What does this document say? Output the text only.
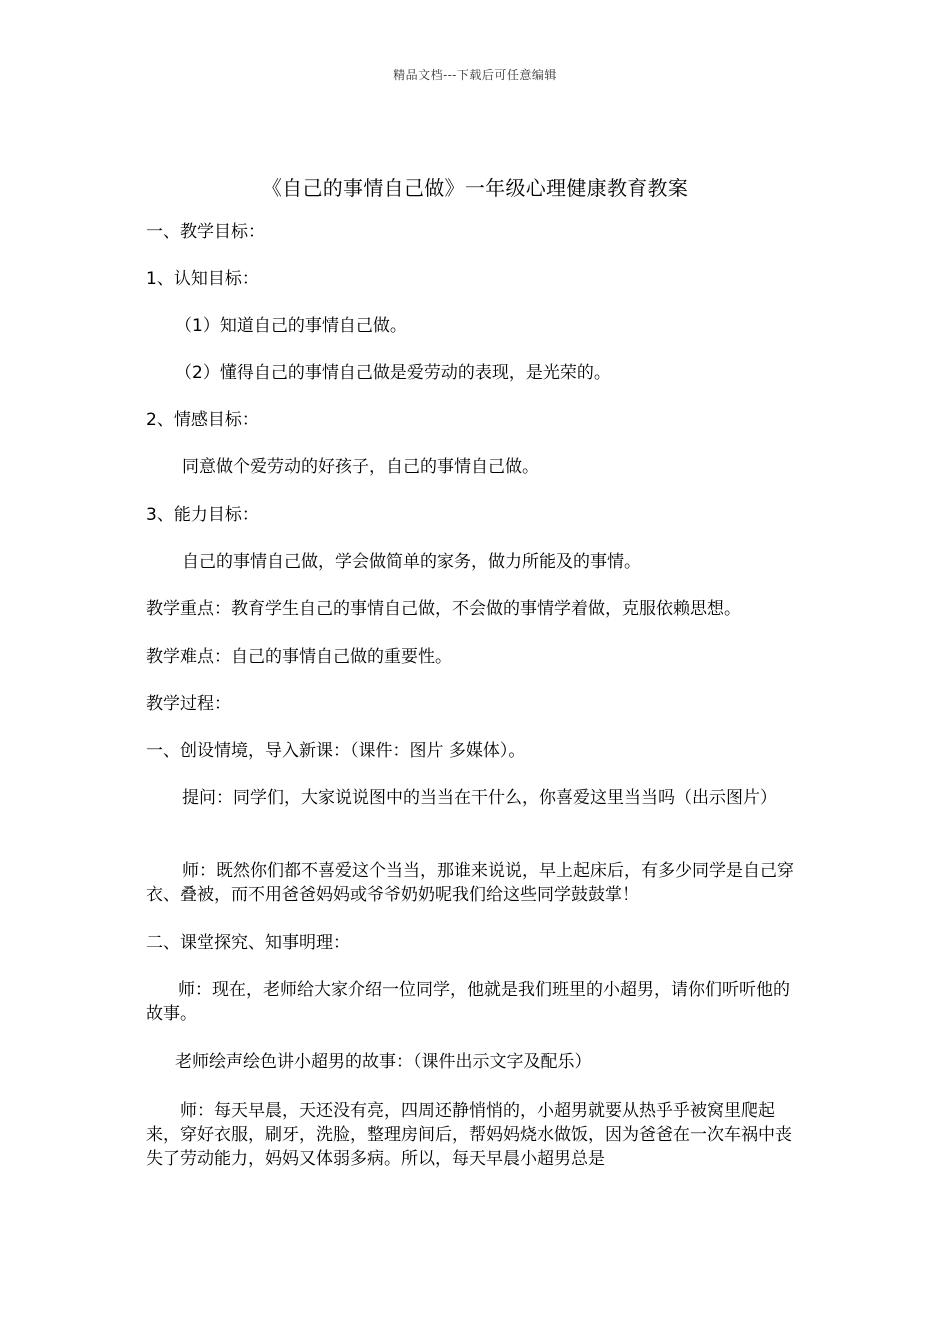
精品文档---下载后可任意编辑
《自己的事情自己做》一年级心理健康教育教案
一、教学目标：
1、认知目标：
（1）知道自己的事情自己做。
（2）懂得自己的事情自己做是爱劳动的表现，是光荣的。
2、情感目标：
同意做个爱劳动的好孩子，自己的事情自己做。
3、能力目标：
自己的事情自己做，学会做简单的家务，做力所能及的事情。
教学重点：教育学生自己的事情自己做，不会做的事情学着做，克服依赖思想。
教学难点：自己的事情自己做的重要性。
教学过程：
一、创设情境，导入新课：（课件：图片 多媒体）。
提问：同学们，大家说说图中的当当在干什么，你喜爱这里当当吗（出示图片）
师：既然你们都不喜爱这个当当，那谁来说说，早上起床后，有多少同学是自己穿衣、叠被，而不用爸爸妈妈或爷爷奶奶呢我们给这些同学鼓鼓掌！
二、课堂探究、知事明理：
师：现在，老师给大家介绍一位同学，他就是我们班里的小超男，请你们听听他的故事。
老师绘声绘色讲小超男的故事：（课件出示文字及配乐）
师：每天早晨，天还没有亮，四周还静悄悄的，小超男就要从热乎乎被窝里爬起来，穿好衣服，刷牙，洗脸，整理房间后，帮妈妈烧水做饭，因为爸爸在一次车祸中丧失了劳动能力，妈妈又体弱多病。所以，每天早晨小超男总是
